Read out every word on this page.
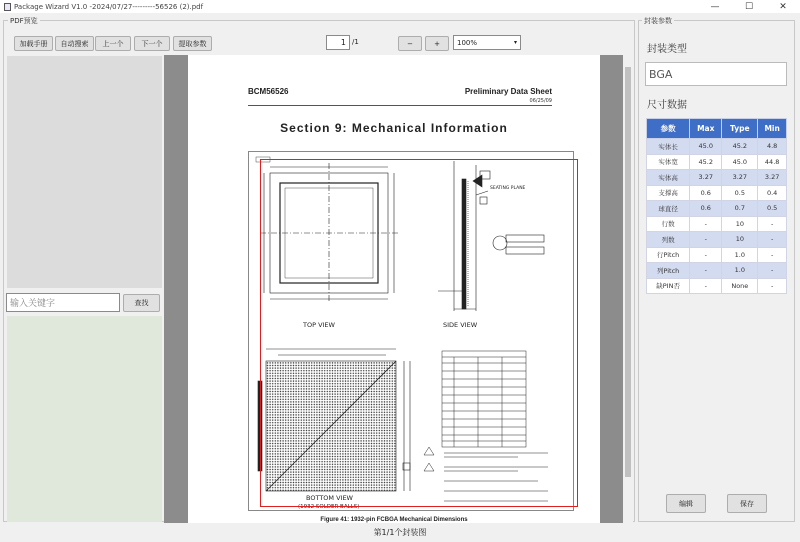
Package Wizard V1.0 -2024/07/27---------56526 (2).pdf	—	☐	✕
PDF预览
加载手册	自动搜索	上一个	下一个	提取参数	1 /1	−	+	100%	▾
输入关键字	查找
BCM56526	Preliminary Data Sheet
06/25/09
Section 9: Mechanical Information
SEATING PLANE
TOP VIEW	SIDE VIEW
BOTTOM VIEW
(1932 SOLDER BALLS)
Figure 41: 1932-pin FCBGA Mechanical Dimensions
封装参数
封装类型
BGA
尺寸数据
参数	Max	Type	Min
实体长	45.0	45.2	4.8
实体宽	45.2	45.0	44.8
实体高	3.27	3.27	3.27
支撑高	0.6	0.5	0.4
球直径	0.6	0.7	0.5
行数	-	10	-
列数	-	10	-
行Pitch	-	1.0	-
列Pitch	-	1.0	-
缺PIN否	-	None	-
编辑	保存
第1/1个封装图
